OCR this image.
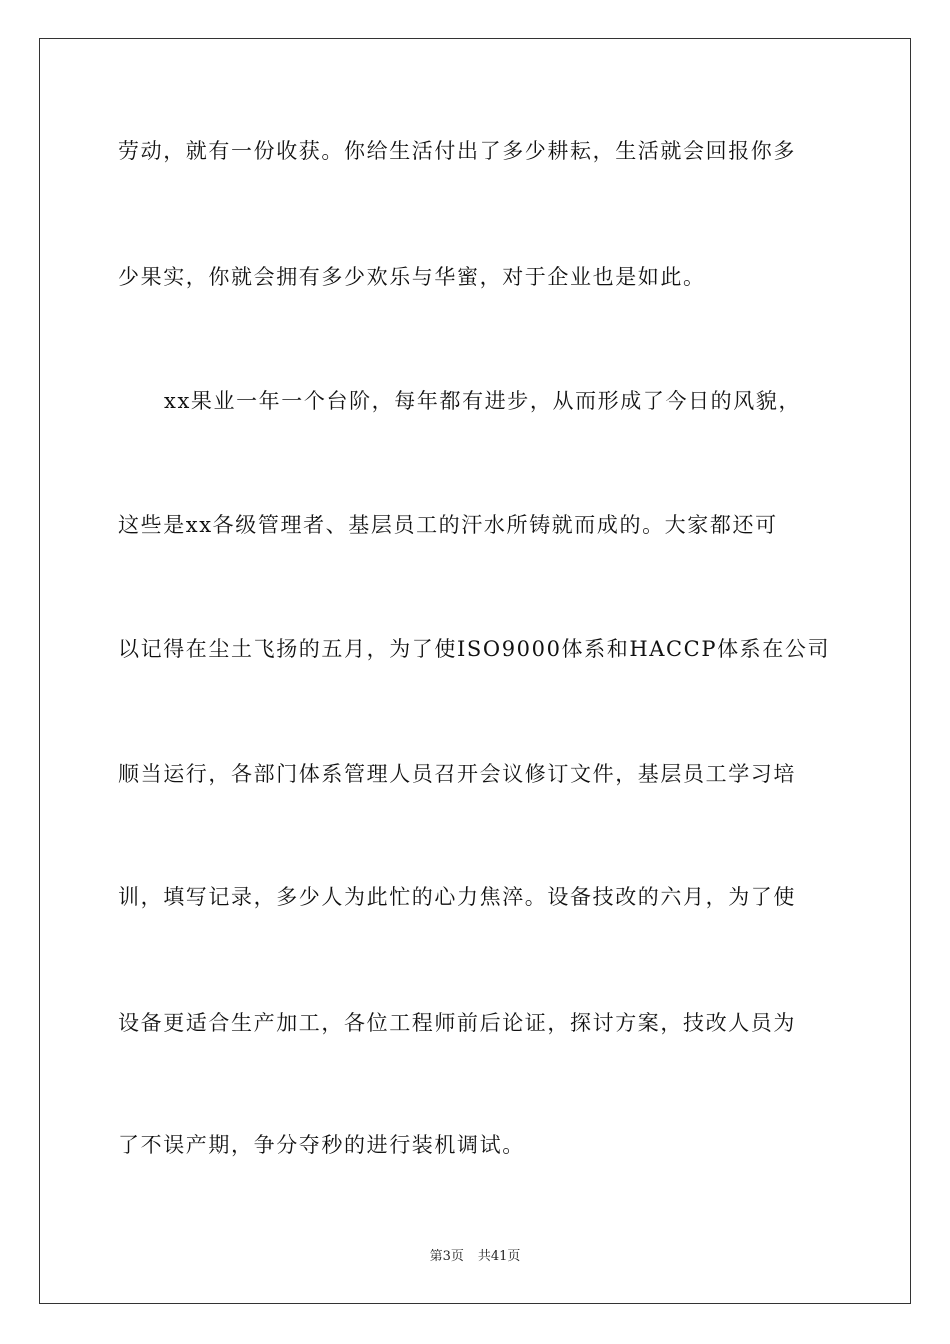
劳动，就有一份收获。你给生活付出了多少耕耘，生活就会回报你多
少果实，你就会拥有多少欢乐与华蜜，对于企业也是如此。
xx果业一年一个台阶，每年都有进步，从而形成了今日的风貌，
这些是xx各级管理者、基层员工的汗水所铸就而成的。大家都还可
以记得在尘土飞扬的五月，为了使ISO9000体系和HACCP体系在公司
顺当运行，各部门体系管理人员召开会议修订文件，基层员工学习培
训，填写记录，多少人为此忙的心力焦淬。设备技改的六月，为了使
设备更适合生产加工，各位工程师前后论证，探讨方案，技改人员为
了不误产期，争分夺秒的进行装机调试。
第3页 共41页
